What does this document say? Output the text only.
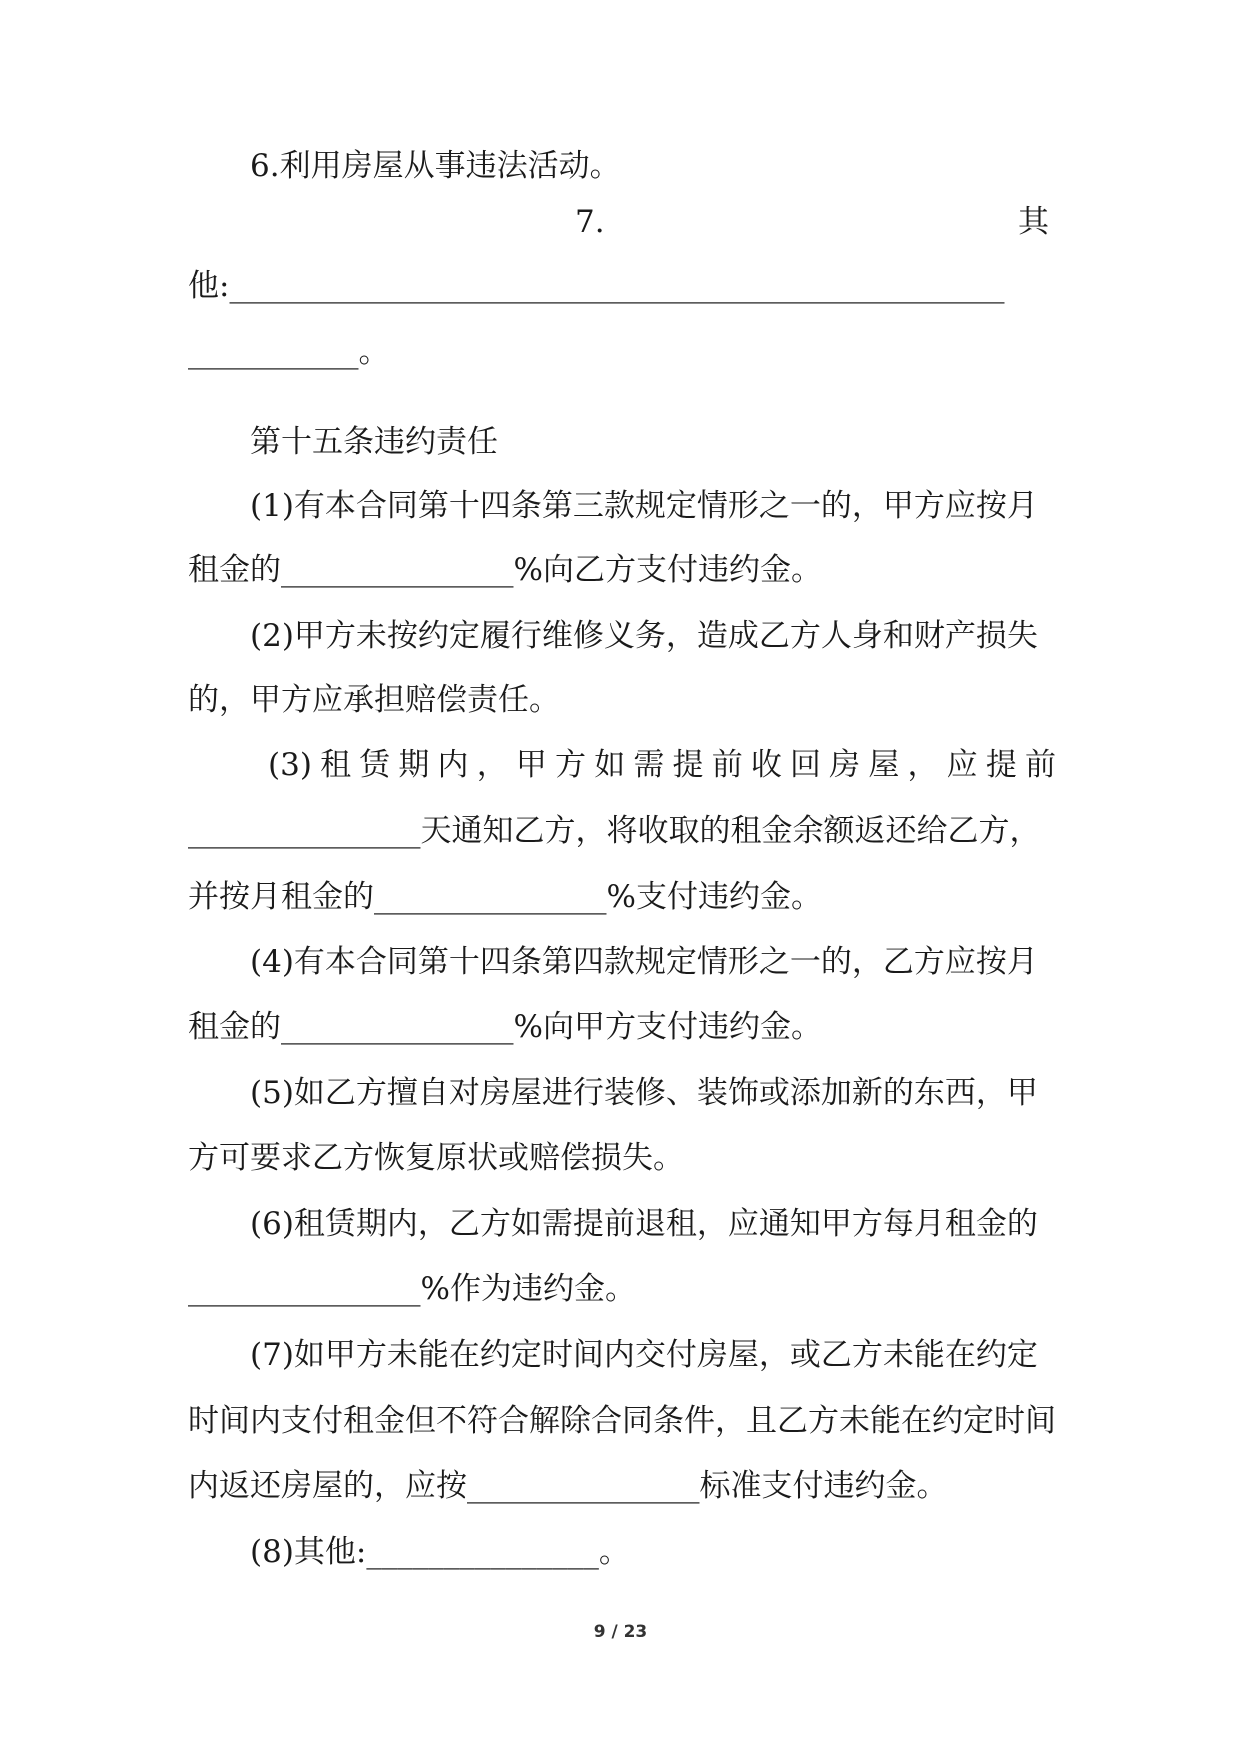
6.利用房屋从事违法活动。
7.	其
他:__________________________________________________
___________。
第十五条违约责任
(1)有本合同第十四条第三款规定情形之一的，甲方应按月
租金的_______________%向乙方支付违约金。
(2)甲方未按约定履行维修义务，造成乙方人身和财产损失
的，甲方应承担赔偿责任。
(3)租赁期内，甲方如需提前收回房屋，应提前
_______________天通知乙方，将收取的租金余额返还给乙方，
并按月租金的_______________%支付违约金。
(4)有本合同第十四条第四款规定情形之一的，乙方应按月
租金的_______________%向甲方支付违约金。
(5)如乙方擅自对房屋进行装修、装饰或添加新的东西，甲
方可要求乙方恢复原状或赔偿损失。
(6)租赁期内，乙方如需提前退租，应通知甲方每月租金的
_______________%作为违约金。
(7)如甲方未能在约定时间内交付房屋，或乙方未能在约定
时间内支付租金但不符合解除合同条件，且乙方未能在约定时间
内返还房屋的，应按_______________标准支付违约金。
(8)其他:_______________。
9 / 23
